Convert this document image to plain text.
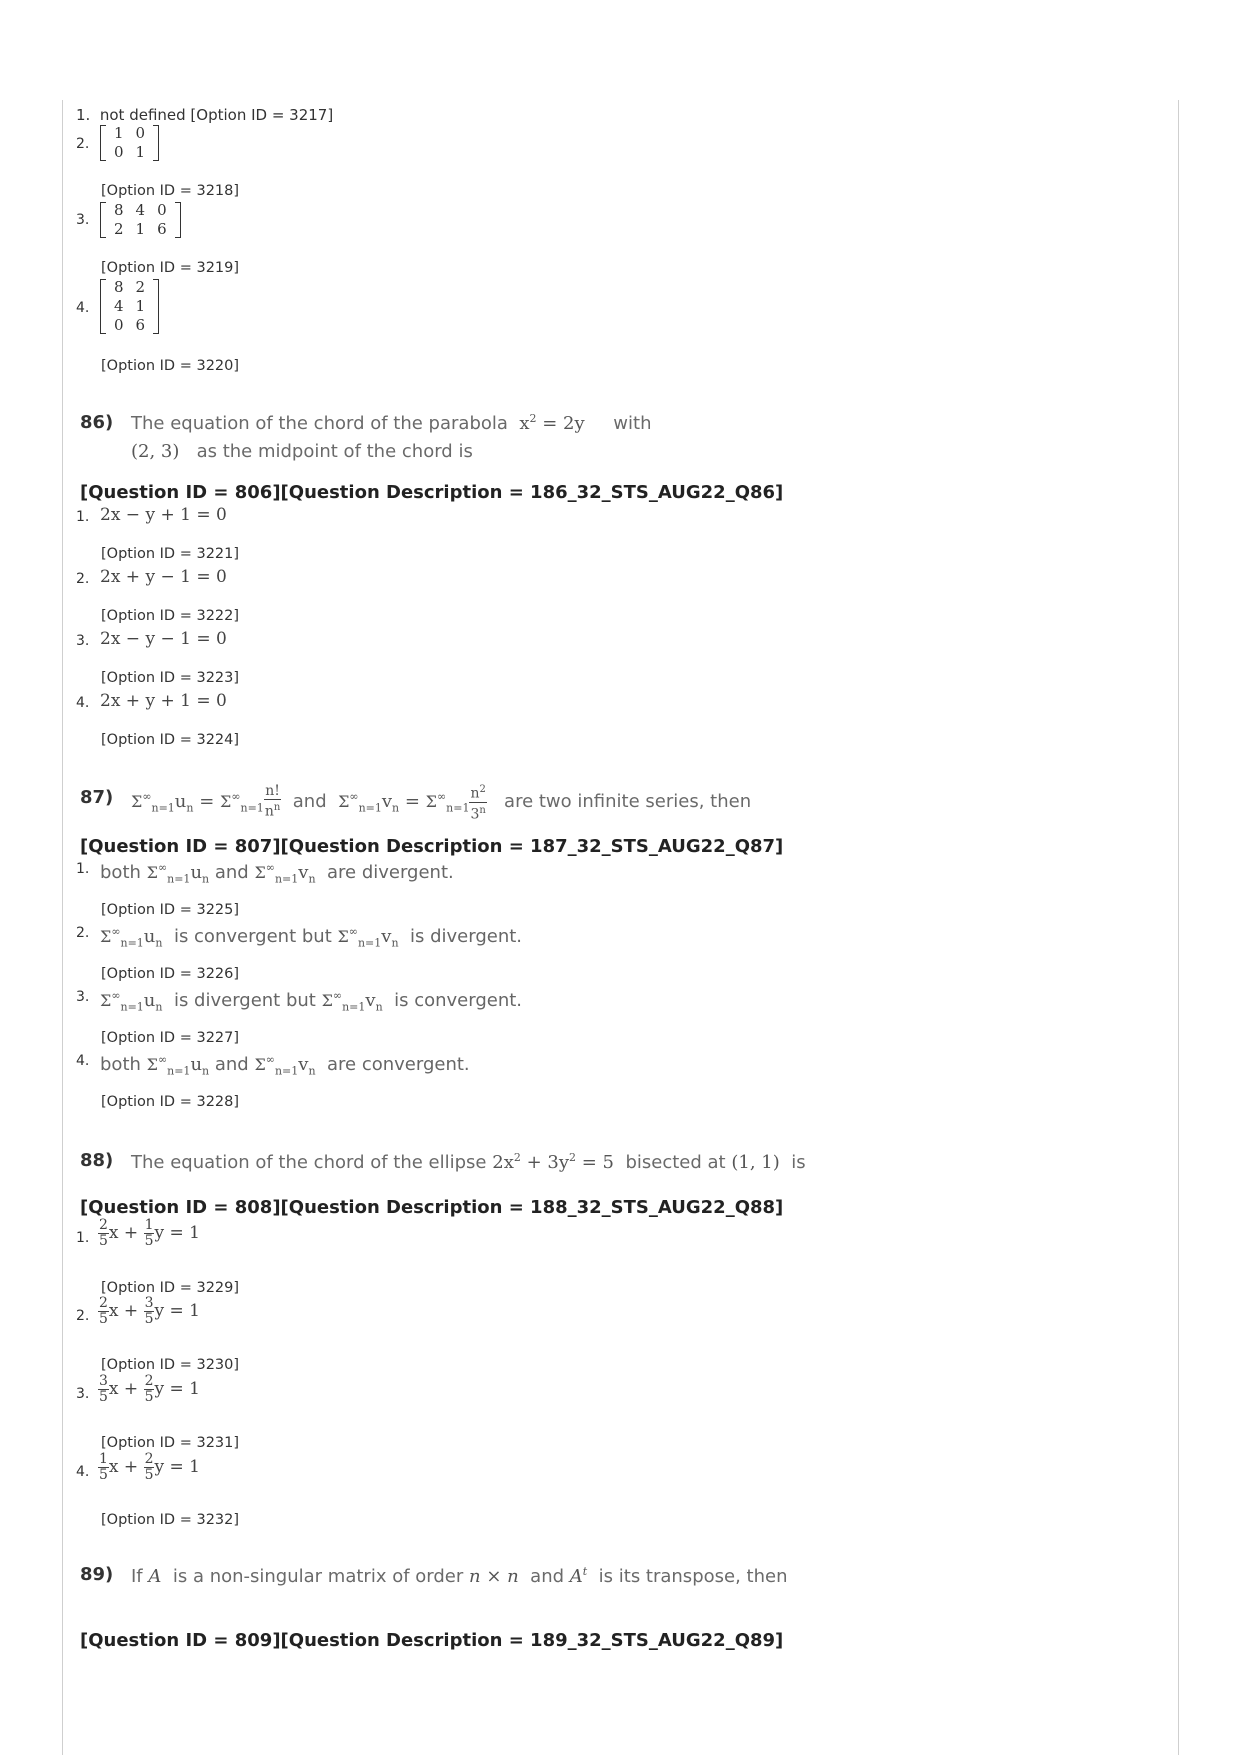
1. not defined [Option ID = 3217]
2.
1	0
0	1
[Option ID = 3218]
3.
8	4	0
2	1	6
[Option ID = 3219]
4.
8	2
4	1
0	6
[Option ID = 3220]
86) The equation of the chord of the parabola  $x^2 = 2y$     with
(2, 3) as the midpoint of the chord is
[Question ID = 806][Question Description = 186_32_STS_AUG22_Q86]
1. 2x − y + 1 = 0
[Option ID = 3221]
2. 2x + y − 1 = 0
[Option ID = 3222]
3. 2x − y − 1 = 0
[Option ID = 3223]
4. 2x + y + 1 = 0
[Option ID = 3224]
87) $\Sigma^\infty_{n=1}u_n = \Sigma^\infty_{n=1} \frac{n!}{n^n}$ and $\Sigma^\infty_{n=1}v_n = \Sigma^\infty_{n=1} \frac{n^2}{3^n}$ are two infinite series, then
[Question ID = 807][Question Description = 187_32_STS_AUG22_Q87]
1. both $\Sigma^\infty_{n=1}u_n$ and $\Sigma^\infty_{n=1}v_n$ are divergent.
[Option ID = 3225]
2. $\Sigma^\infty_{n=1}u_n$ is convergent but $\Sigma^\infty_{n=1}v_n$ is divergent.
[Option ID = 3226]
3. $\Sigma^\infty_{n=1}u_n$ is divergent but $\Sigma^\infty_{n=1}v_n$ is convergent.
[Option ID = 3227]
4. both $\Sigma^\infty_{n=1}u_n$ and $\Sigma^\infty_{n=1}v_n$ are convergent.
[Option ID = 3228]
88) The equation of the chord of the ellipse $2x^2 + 3y^2 = 5$ bisected at (1, 1) is
[Question ID = 808][Question Description = 188_32_STS_AUG22_Q88]
1. $\frac{2}{5}$ $x + \frac{1}{5}$ y = 1
[Option ID = 3229]
2. $\frac{2}{5}$ $x + \frac{3}{5}$ y = 1
[Option ID = 3230]
3. $\frac{3}{5}$ $x + \frac{2}{5}$ y = 1
[Option ID = 3231]
4. $\frac{1}{5}$ $x + \frac{2}{5}$ y = 1
[Option ID = 3232]
89) If A is a non-singular matrix of order n × n and $A^t$ is its transpose, then
[Question ID = 809][Question Description = 189_32_STS_AUG22_Q89]
